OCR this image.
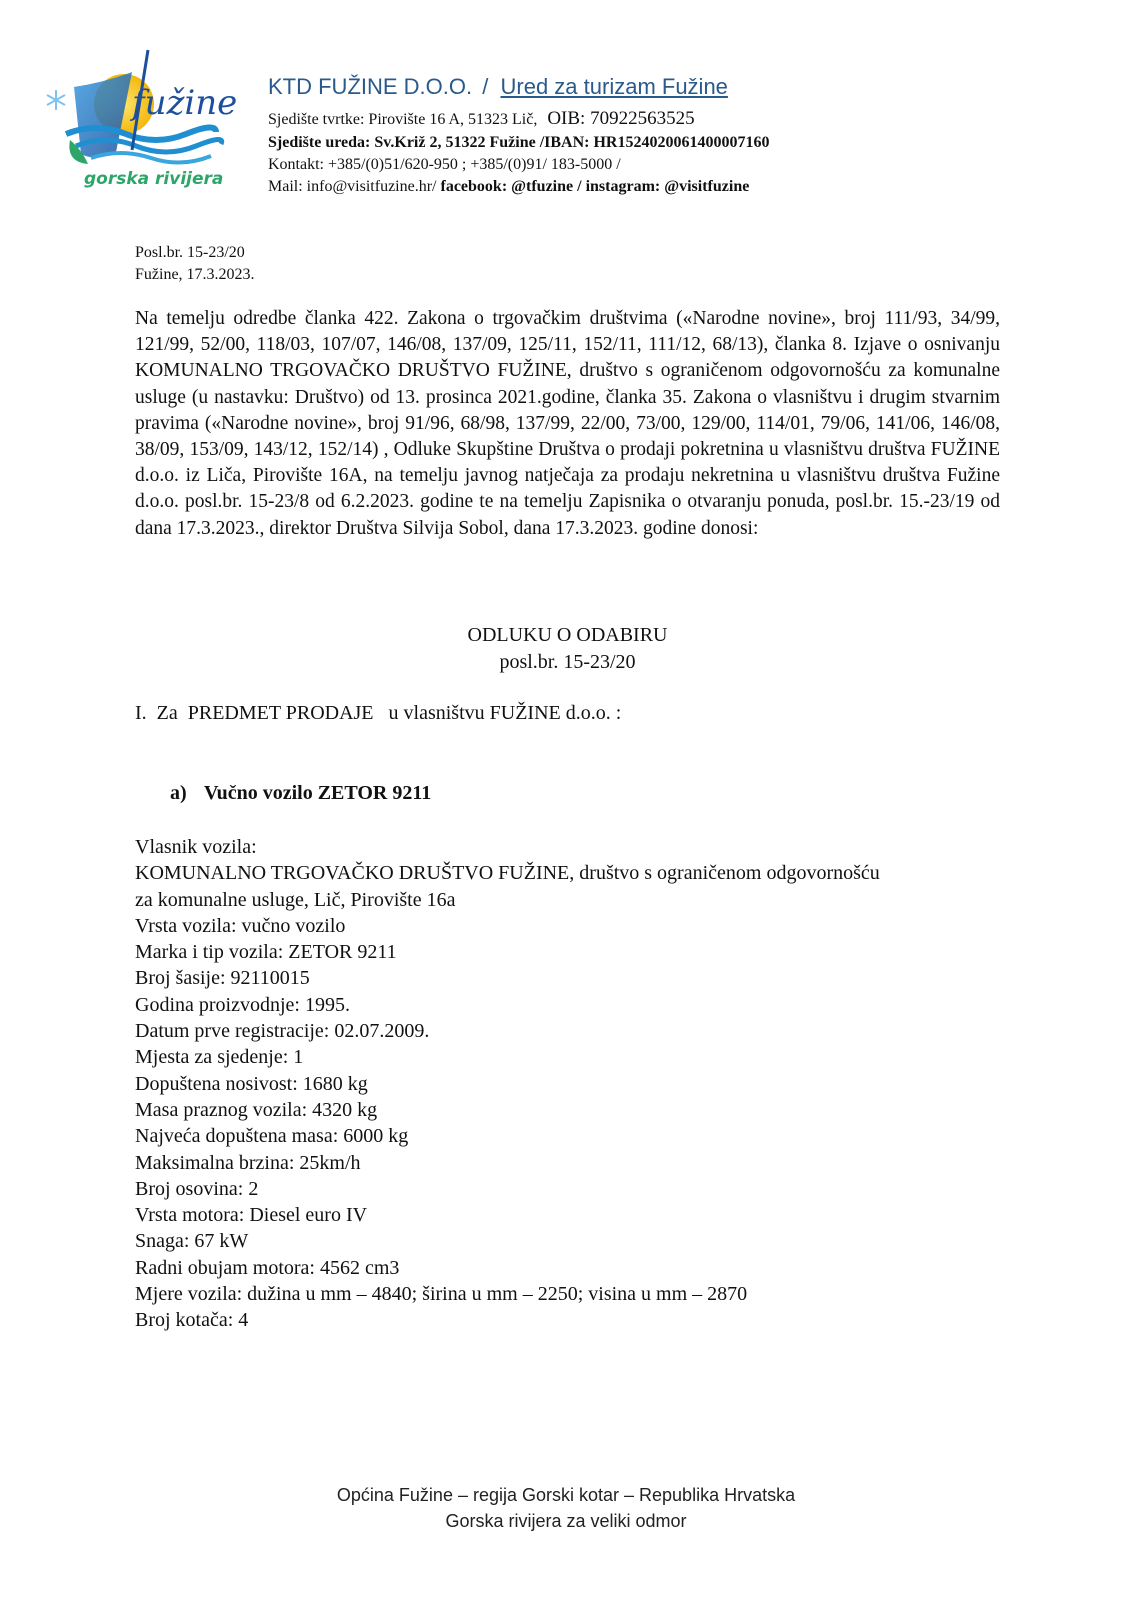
fužine
gorska rivijera
KTD FUŽINE D.O.O. / Ured za turizam Fužine
Sjedište tvrtke: Pirovište 16 A, 51323 Lič, OIB: 70922563525
Sjedište ureda: Sv.Križ 2, 51322 Fužine /IBAN: HR1524020061400007160
Kontakt: +385/(0)51/620-950 ; +385/(0)91/ 183-5000 /
Mail: info@visitfuzine.hr/ facebook: @tfuzine / instagram: @visitfuzine
Posl.br. 15-23/20
Fužine, 17.3.2023.
Na temelju odredbe članka 422. Zakona o trgovačkim društvima («Narodne novine», broj 111/93, 34/99, 121/99, 52/00, 118/03, 107/07, 146/08, 137/09, 125/11, 152/11, 111/12, 68/13), članka 8. Izjave o osnivanju KOMUNALNO TRGOVAČKO DRUŠTVO FUŽINE, društvo s ograničenom odgovornošću za komunalne usluge (u nastavku: Društvo) od 13. prosinca 2021.godine, članka 35. Zakona o vlasništvu i drugim stvarnim pravima («Narodne novine», broj 91/96, 68/98, 137/99, 22/00, 73/00, 129/00, 114/01, 79/06, 141/06, 146/08, 38/09, 153/09, 143/12, 152/14) , Odluke Skupštine Društva o prodaji pokretnina u vlasništvu društva FUŽINE d.o.o. iz Liča, Pirovište 16A, na temelju javnog natječaja za prodaju nekretnina u vlasništvu društva Fužine d.o.o. posl.br. 15-23/8 od 6.2.2023. godine te na temelju Zapisnika o otvaranju ponuda, posl.br. 15.-23/19 od dana 17.3.2023., direktor Društva Silvija Sobol, dana 17.3.2023. godine donosi:
ODLUKU O ODABIRU
posl.br. 15-23/20
I.  Za  PREDMET PRODAJE   u vlasništvu FUŽINE d.o.o. :
a) Vučno vozilo ZETOR 9211
Vlasnik vozila:
KOMUNALNO TRGOVAČKO DRUŠTVO FUŽINE, društvo s ograničenom odgovornošću
za komunalne usluge, Lič, Pirovište 16a
Vrsta vozila: vučno vozilo
Marka i tip vozila: ZETOR 9211
Broj šasije: 92110015
Godina proizvodnje: 1995.
Datum prve registracije: 02.07.2009.
Mjesta za sjedenje: 1
Dopuštena nosivost: 1680 kg
Masa praznog vozila: 4320 kg
Najveća dopuštena masa: 6000 kg
Maksimalna brzina: 25km/h
Broj osovina: 2
Vrsta motora: Diesel euro IV
Snaga: 67 kW
Radni obujam motora: 4562 cm3
Mjere vozila: dužina u mm – 4840; širina u mm – 2250; visina u mm – 2870
Broj kotača: 4
Općina Fužine – regija Gorski kotar – Republika Hrvatska
Gorska rivijera za veliki odmor
